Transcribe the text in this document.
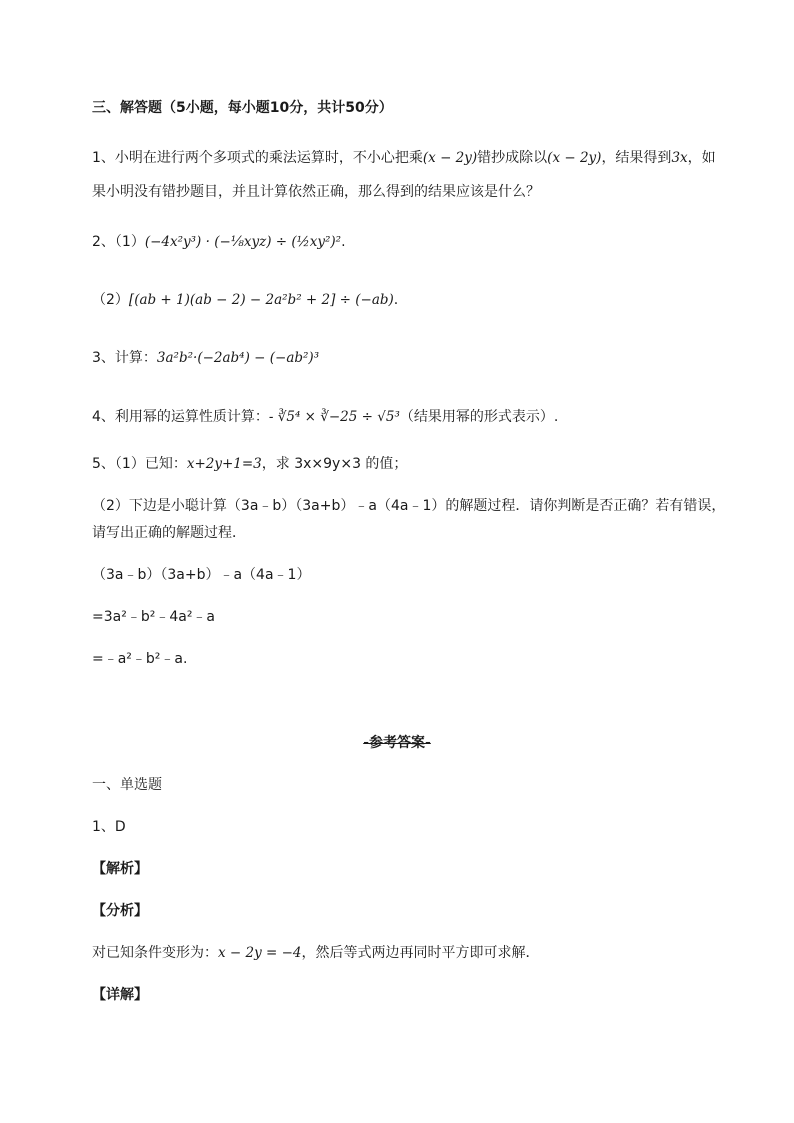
三、解答题（5小题，每小题10分，共计50分）
1、小明在进行两个多项式的乘法运算时，不小心把乘(x − 2y)错抄成除以(x − 2y)，结果得到3x，如
果小明没有错抄题目，并且计算依然正确，那么得到的结果应该是什么？
2、（1）(−4x²y³) · (−⅛xyz) ÷ (½xy²)².
（2）[(ab + 1)(ab − 2) − 2a²b² + 2] ÷ (−ab).
3、计算：3a²b²·(−2ab⁴) − (−ab²)³
4、利用幂的运算性质计算：- ∛5⁴ × ∛−25 ÷ √5³（结果用幂的形式表示）.
5、（1）已知：x+2y+1=3，求 3x×9y×3 的值；
（2）下边是小聪计算（3a﹣b）（3a+b）﹣a（4a﹣1）的解题过程．请你判断是否正确？若有错误，
请写出正确的解题过程．
（3a﹣b）（3a+b）﹣a（4a﹣1）
=3a²﹣b²﹣4a²﹣a
=﹣a²﹣b²﹣a.
-参考答案-
一、单选题
1、D
【解析】
【分析】
对已知条件变形为：x − 2y = −4，然后等式两边再同时平方即可求解．
【详解】
